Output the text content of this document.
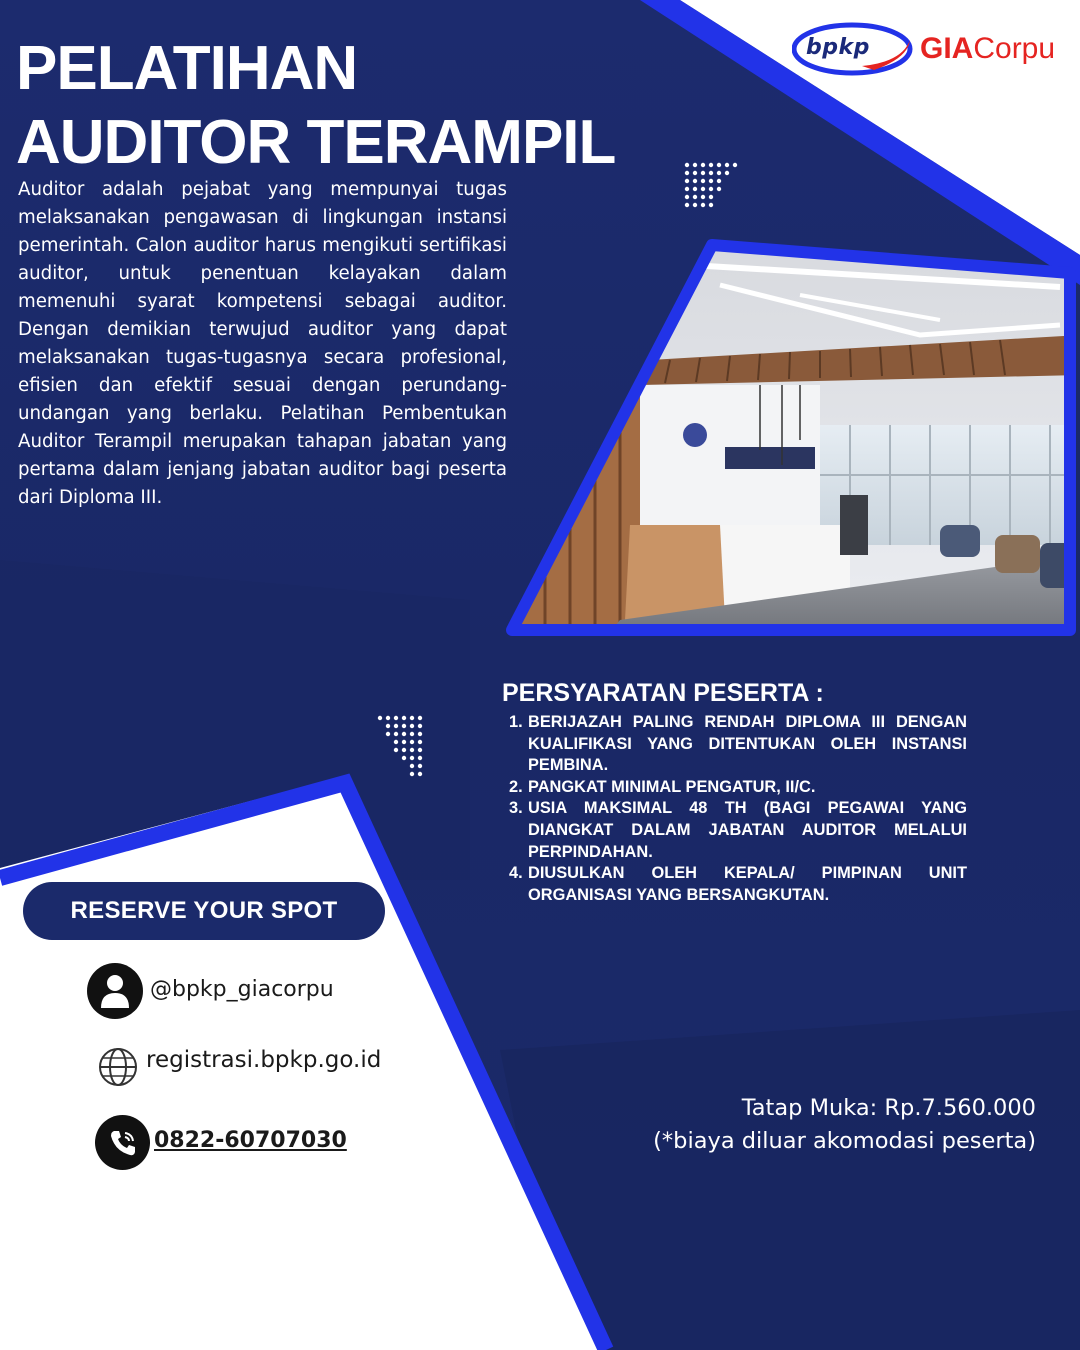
bpkp GIACorpu
PELATIHAN
AUDITOR TERAMPIL
Auditor adalah pejabat yang mempunyai tugas melaksanakan pengawasan di lingkungan instansi pemerintah. Calon auditor harus mengikuti sertifikasi auditor, untuk penentuan kelayakan dalam memenuhi syarat kompetensi sebagai auditor. Dengan demikian terwujud auditor yang dapat melaksanakan tugas-tugasnya secara profesional, efisien dan efektif sesuai dengan perundang-undangan yang berlaku. Pelatihan Pembentukan Auditor Terampil merupakan tahapan jabatan yang pertama dalam jenjang jabatan auditor bagi peserta dari Diploma III.
PERSYARATAN PESERTA :
1. BERIJAZAH PALING RENDAH DIPLOMA III DENGAN KUALIFIKASI YANG DITENTUKAN OLEH INSTANSI PEMBINA.
2. PANGKAT MINIMAL PENGATUR, II/C.
3. USIA MAKSIMAL 48 TH (BAGI PEGAWAI YANG DIANGKAT DALAM JABATAN AUDITOR MELALUI PERPINDAHAN.
4. DIUSULKAN OLEH KEPALA/ PIMPINAN UNIT ORGANISASI YANG BERSANGKUTAN.
RESERVE YOUR SPOT
@bpkp_giacorpu
registrasi.bpkp.go.id
0822-60707030
Tatap Muka: Rp.7.560.000
(*biaya diluar akomodasi peserta)
